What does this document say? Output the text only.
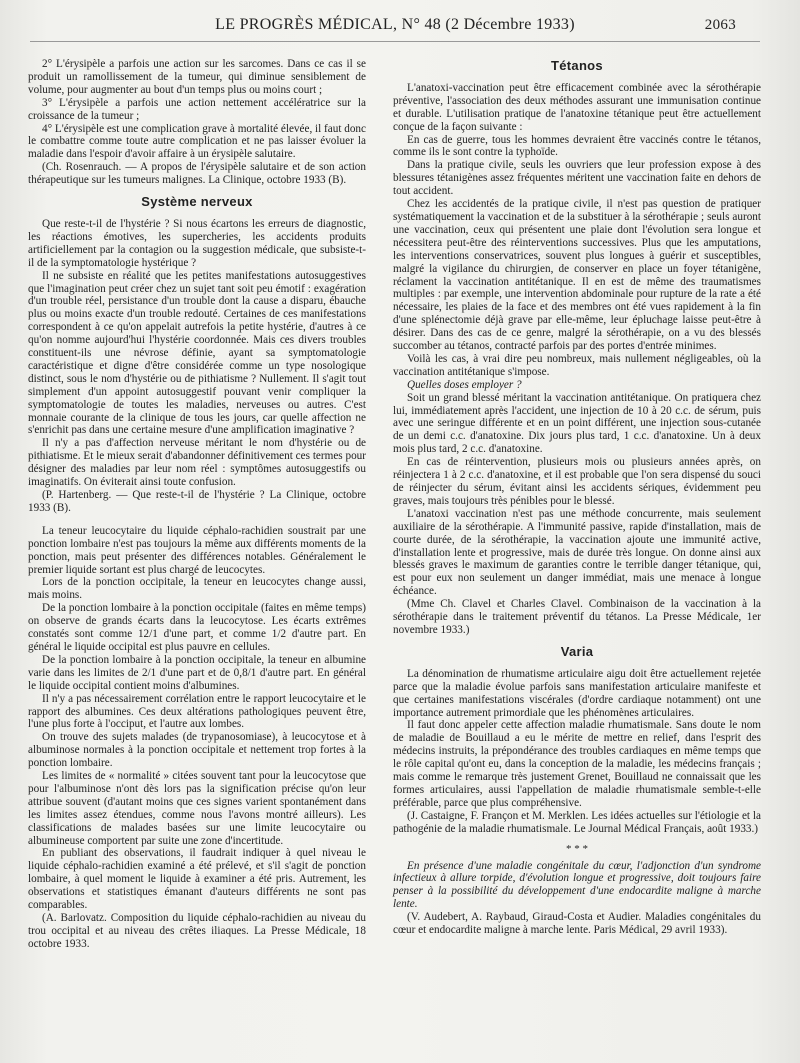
LE PROGRÈS MÉDICAL, N° 48 (2 Décembre 1933)	2063

2° L'érysipèle a parfois une action sur les sarcomes. Dans ce cas il se produit un ramollissement de la tumeur, qui diminue sensiblement de volume, pour augmenter au bout d'un temps plus ou moins court ;

3° L'érysipèle a parfois une action nettement accélératrice sur la croissance de la tumeur ;

4° L'érysipèle est une complication grave à mortalité élevée, il faut donc le combattre comme toute autre complication et ne pas laisser évoluer la maladie dans l'espoir d'avoir affaire à un érysipèle salutaire.

(Ch. Rosenrauch. — A propos de l'érysipèle salutaire et de son action thérapeutique sur les tumeurs malignes. La Clinique, octobre 1933 (B).

Système nerveux

Que reste-t-il de l'hystérie ? Si nous écartons les erreurs de diagnostic, les réactions émotives, les supercheries, les accidents produits artificiellement par la contagion ou la suggestion médicale, que subsiste-t-il de la symptomatologie hystérique ?

Il ne subsiste en réalité que les petites manifestations autosuggestives que l'imagination peut créer chez un sujet tant soit peu émotif : exagération d'un trouble réel, persistance d'un trouble dont la cause a disparu, ébauche plus ou moins exacte d'un trouble redouté. Certaines de ces manifestations correspondent à ce qu'on appelait autrefois la petite hystérie, d'autres à ce qu'on nomme aujourd'hui l'hystérie coordonnée. Mais ces divers troubles constituent-ils une névrose définie, ayant sa symptomatologie caractéristique et digne d'être considérée comme un type nosologique distinct, sous le nom d'hystérie ou de pithiatisme ? Nullement. Il s'agit tout simplement d'un appoint autosuggestif pouvant venir compliquer la symptomatologie de toutes les maladies, nerveuses ou autres. C'est monnaie courante de la clinique de tous les jours, car quelle affection ne s'enrichit pas dans une certaine mesure d'une amplification imaginative ?

Il n'y a pas d'affection nerveuse méritant le nom d'hystérie ou de pithiatisme. Et le mieux serait d'abandonner définitivement ces termes pour désigner des maladies par leur nom réel : symptômes autosuggestifs ou imaginatifs. On éviterait ainsi toute confusion.

(P. Hartenberg. — Que reste-t-il de l'hystérie ? La Clinique, octobre 1933 (B).

La teneur leucocytaire du liquide céphalo-rachidien soustrait par une ponction lombaire n'est pas toujours la même aux différents moments de la ponction, mais peut présenter des différences notables. Généralement le premier liquide sortant est plus chargé de leucocytes.

Lors de la ponction occipitale, la teneur en leucocytes change aussi, mais moins.

De la ponction lombaire à la ponction occipitale (faites en même temps) on observe de grands écarts dans la leucocytose. Les écarts extrêmes constatés sont comme 12/1 d'une part, et comme 1/2 d'autre part. En général le liquide occipital est plus pauvre en cellules.

De la ponction lombaire à la ponction occipitale, la teneur en albumine varie dans les limites de 2/1 d'une part et de 0,8/1 d'autre part. En général le liquide occipital contient moins d'albumines.

Il n'y a pas nécessairement corrélation entre le rapport leucocytaire et le rapport des albumines. Ces deux altérations pathologiques peuvent être, l'une plus forte à l'occiput, et l'autre aux lombes.

On trouve des sujets malades (de trypanosomiase), à leucocytose et à albuminose normales à la ponction occipitale et nettement trop fortes à la ponction lombaire.

Les limites de « normalité » citées souvent tant pour la leucocytose que pour l'albuminose n'ont dès lors pas la signification précise qu'on leur attribue souvent (d'autant moins que ces signes varient spontanément dans les limites assez étendues, comme nous l'avons montré ailleurs). Les classifications de malades basées sur une limite leucocytaire ou albumineuse comportent par suite une zone d'incertitude.

En publiant des observations, il faudrait indiquer à quel niveau le liquide céphalo-rachidien examiné a été prélevé, et s'il s'agit de ponction lombaire, à quel moment le liquide à examiner a été pris. Autrement, les observations et statistiques émanant d'auteurs différents ne sont pas comparables.

(A. Barlovatz. Composition du liquide céphalo-rachidien au niveau du trou occipital et au niveau des crêtes iliaques. La Presse Médicale, 18 octobre 1933.

Tétanos

L'anatoxi-vaccination peut être efficacement combinée avec la sérothérapie préventive, l'association des deux méthodes assurant une immunisation continue et durable. L'utilisation pratique de l'anatoxine tétanique peut être actuellement conçue de la façon suivante :

En cas de guerre, tous les hommes devraient être vaccinés contre le tétanos, comme ils le sont contre la typhoïde.

Dans la pratique civile, seuls les ouvriers que leur profession expose à des blessures tétanigènes assez fréquentes méritent une vaccination faite en dehors de tout accident.

Chez les accidentés de la pratique civile, il n'est pas question de pratiquer systématiquement la vaccination et de la substituer à la sérothérapie ; seuls auront une vaccination, ceux qui présentent une plaie dont l'évolution sera longue et nécessitera peut-être des réinterventions successives. Plus que les amputations, les interventions conservatrices, souvent plus longues à guérir et susceptibles, malgré la vigilance du chirurgien, de conserver en place un foyer tétanigène, réclament la vaccination antitétanique. Il en est de même des traumatismes multiples : par exemple, une intervention abdominale pour rupture de la rate a été nécessaire, les plaies de la face et des membres ont été vues rapidement à la fin d'une splénectomie déjà grave par elle-même, leur épluchage laisse peut-être à désirer. Dans des cas de ce genre, malgré la sérothérapie, on a vu des blessés succomber au tétanos, contracté parfois par des portes d'entrée minimes.

Voilà les cas, à vrai dire peu nombreux, mais nullement négligeables, où la vaccination antitétanique s'impose.

Quelles doses employer ?

Soit un grand blessé méritant la vaccination antitétanique. On pratiquera chez lui, immédiatement après l'accident, une injection de 10 à 20 c.c. de sérum, puis avec une seringue différente et en un point différent, une injection sous-cutanée de un demi c.c. d'anatoxine. Dix jours plus tard, 1 c.c. d'anatoxine. Un à deux mois plus tard, 2 c.c. d'anatoxine.

En cas de réintervention, plusieurs mois ou plusieurs années après, on réinjectera 1 à 2 c.c. d'anatoxine, et il est probable que l'on sera dispensé du souci de réinjecter du sérum, évitant ainsi les accidents sériques, évidemment peu graves, mais toujours très pénibles pour le blessé.

L'anatoxi vaccination n'est pas une méthode concurrente, mais seulement auxiliaire de la sérothérapie. A l'immunité passive, rapide d'installation, mais de courte durée, de la sérothérapie, la vaccination ajoute une immunité active, d'installation lente et progressive, mais de durée très longue. On donne ainsi aux blessés graves le maximum de garanties contre le terrible danger tétanique, qui, est pour eux non seulement un danger immédiat, mais une menace à longue échéance.

(Mme Ch. Clavel et Charles Clavel. Combinaison de la vaccination à la sérothérapie dans le traitement préventif du tétanos. La Presse Médicale, 1er novembre 1933.)

Varia

La dénomination de rhumatisme articulaire aigu doit être actuellement rejetée parce que la maladie évolue parfois sans manifestation articulaire manifeste et que certaines manifestations viscérales (d'ordre cardiaque notamment) ont une importance autrement primordiale que les phénomènes articulaires.

Il faut donc appeler cette affection maladie rhumatismale. Sans doute le nom de maladie de Bouillaud a eu le mérite de mettre en relief, dans l'esprit des médecins instruits, la prépondérance des troubles cardiaques en même temps que le rôle capital qu'ont eu, dans la conception de la maladie, les médecins français ; mais comme le remarque très justement Grenet, Bouillaud ne connaissait que les formes articulaires, aussi l'appellation de maladie rhumatismale semble-t-elle préférable, parce que plus compréhensive.

(J. Castaigne, F. Françon et M. Merklen. Les idées actuelles sur l'étiologie et la pathogénie de la maladie rhumatismale. Le Journal Médical Français, août 1933.)

* * *

En présence d'une maladie congénitale du cœur, l'adjonction d'un syndrome infectieux à allure torpide, d'évolution longue et progressive, doit toujours faire penser à la possibilité du développement d'une endocardite maligne à marche lente.

(V. Audebert, A. Raybaud, Giraud-Costa et Audier. Maladies congénitales du cœur et endocardite maligne à marche lente. Paris Médical, 29 avril 1933).
